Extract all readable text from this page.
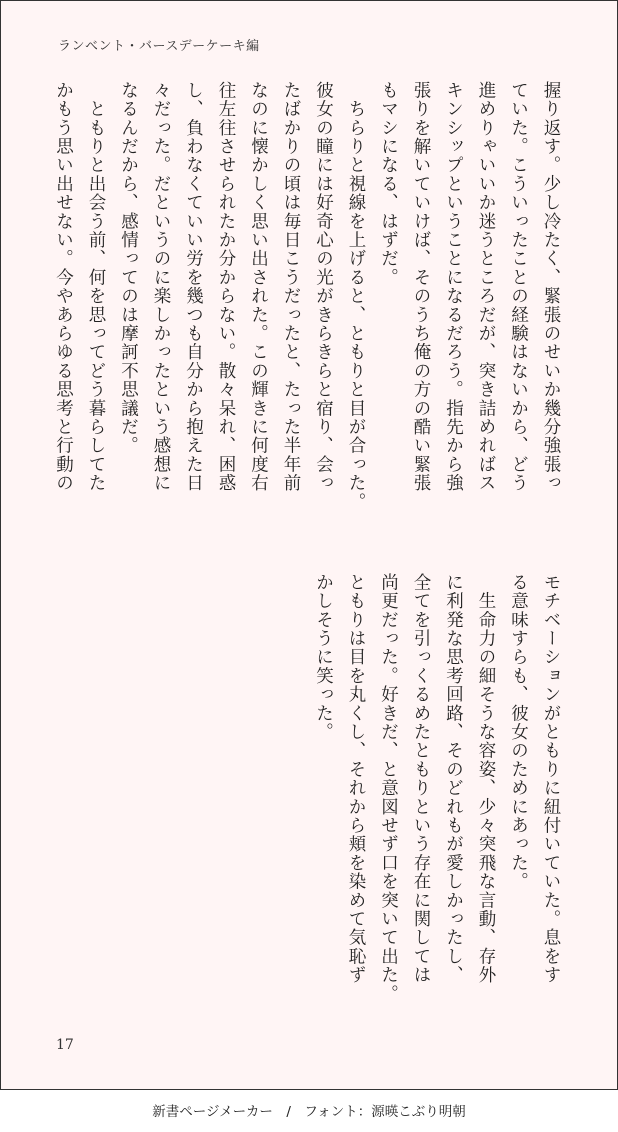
ランベント・バースデーケーキ編

握り返す。少し冷たく、緊張のせいか幾分強張っ

ていた。こういったことの経験はないから、どう

進めりゃいいか迷うところだが、突き詰めればス

キンシップということになるだろう。指先から強

張りを解いていけば、そのうち俺の方の酷い緊張

もマシになる、はずだ。

　ちらりと視線を上げると、ともりと目が合った。

彼女の瞳には好奇心の光がきらきらと宿り、会っ

たばかりの頃は毎日こうだったと、たった半年前

なのに懐かしく思い出された。この輝きに何度右

往左往させられたか分からない。散々呆れ、困惑

し、負わなくていい労を幾つも自分から抱えた日

々だった。だというのに楽しかったという感想に

なるんだから、感情ってのは摩訶不思議だ。

　ともりと出会う前、何を思ってどう暮らしてた

かもう思い出せない。今やあらゆる思考と行動の

モチベーションがともりに紐付いていた。息をす

る意味すらも、彼女のためにあった。

　生命力の細そうな容姿、少々突飛な言動、存外

に利発な思考回路、そのどれもが愛しかったし、

全てを引っくるめたともりという存在に関しては

尚更だった。好きだ、と意図せず口を突いて出た。

ともりは目を丸くし、それから頬を染めて気恥ず

かしそうに笑った。

17
新書ページメーカー　/　フォント：源暎こぶり明朝
